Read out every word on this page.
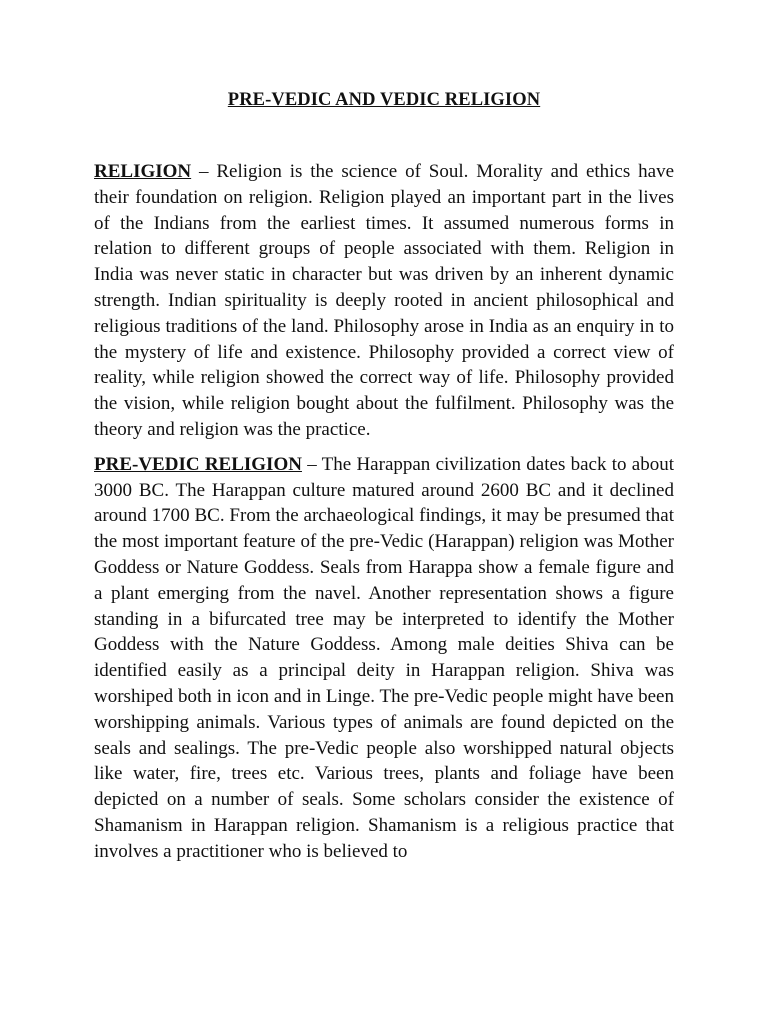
PRE-VEDIC AND VEDIC RELIGION

RELIGION – Religion is the science of Soul. Morality and ethics have their foundation on religion. Religion played an important part in the lives of the Indians from the earliest times. It assumed numerous forms in relation to different groups of people associated with them. Religion in India was never static in character but was driven by an inherent dynamic strength. Indian spirituality is deeply rooted in ancient philosophical and religious traditions of the land. Philosophy arose in India as an enquiry in to the mystery of life and existence. Philosophy provided a correct view of reality, while religion showed the correct way of life. Philosophy provided the vision, while religion bought about the fulfilment. Philosophy was the theory and religion was the practice.

PRE-VEDIC RELIGION – The Harappan civilization dates back to about 3000 BC. The Harappan culture matured around 2600 BC and it declined around 1700 BC. From the archaeological findings, it may be presumed that the most important feature of the pre-Vedic (Harappan) religion was Mother Goddess or Nature Goddess. Seals from Harappa show a female figure and a plant emerging from the navel. Another representation shows a figure standing in a bifurcated tree may be interpreted to identify the Mother Goddess with the Nature Goddess. Among male deities Shiva can be identified easily as a principal deity in Harappan religion. Shiva was worshiped both in icon and in Linge. The pre-Vedic people might have been worshipping animals. Various types of animals are found depicted on the seals and sealings. The pre-Vedic people also worshipped natural objects like water, fire, trees etc. Various trees, plants and foliage have been depicted on a number of seals. Some scholars consider the existence of Shamanism in Harappan religion. Shamanism is a religious practice that involves a practitioner who is believed to
